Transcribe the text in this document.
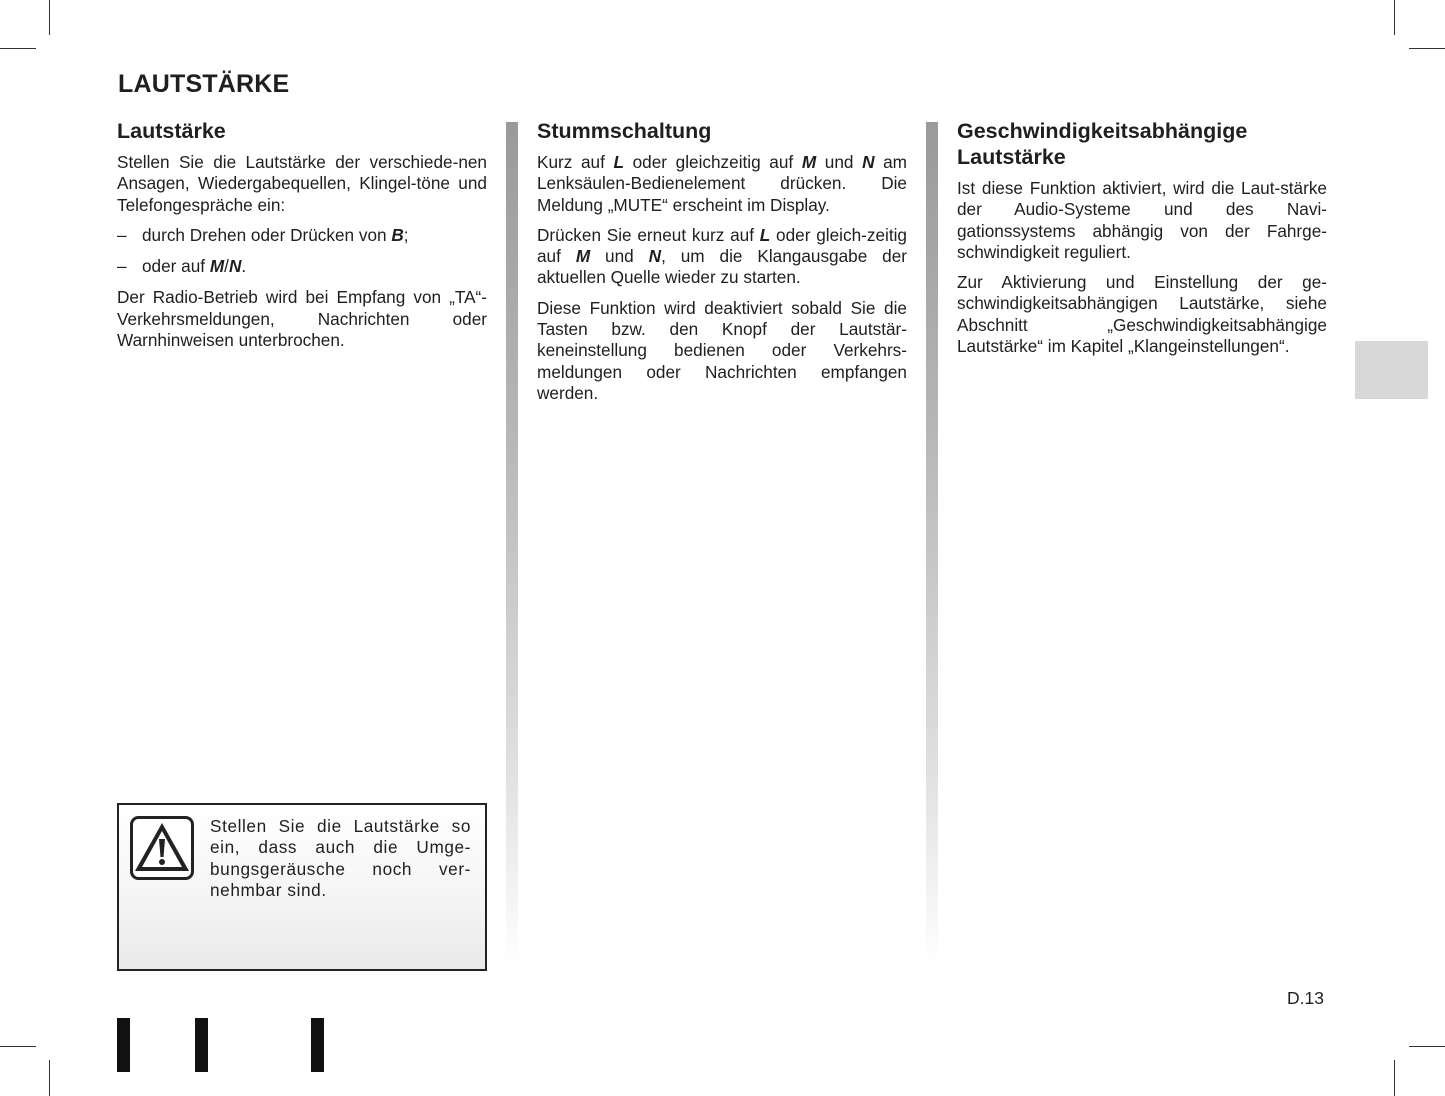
LAUTSTÄRKE
Lautstärke

Stellen Sie die Lautstärke der verschiede-nen Ansagen, Wiedergabequellen, Klingel-töne und Telefongespräche ein:

– durch Drehen oder Drücken von B;
– oder auf M/N.

Der Radio-Betrieb wird bei Empfang von „TA“-Verkehrsmeldungen, Nachrichten oder Warnhinweisen unterbrochen.

Stellen Sie die Lautstärke so ein, dass auch die Umge-bungsgeräusche noch ver-nehmbar sind.

Stummschaltung

Kurz auf L oder gleichzeitig auf M und N am Lenksäulen-Bedienelement drücken. Die Meldung „MUTE“ erscheint im Display.

Drücken Sie erneut kurz auf L oder gleich-zeitig auf M und N, um die Klangausgabe der aktuellen Quelle wieder zu starten.

Diese Funktion wird deaktiviert sobald Sie die Tasten bzw. den Knopf der Lautstär-keneinstellung bedienen oder Verkehrs-meldungen oder Nachrichten empfangen werden.

Geschwindigkeitsabhängige
Lautstärke

Ist diese Funktion aktiviert, wird die Laut-stärke der Audio-Systeme und des Navi-gationssystems abhängig von der Fahrge-schwindigkeit reguliert.

Zur Aktivierung und Einstellung der ge-schwindigkeitsabhängigen Lautstärke, siehe Abschnitt „Geschwindigkeitsabhängige Lautstärke“ im Kapitel „Klangeinstellungen“.

D.13
